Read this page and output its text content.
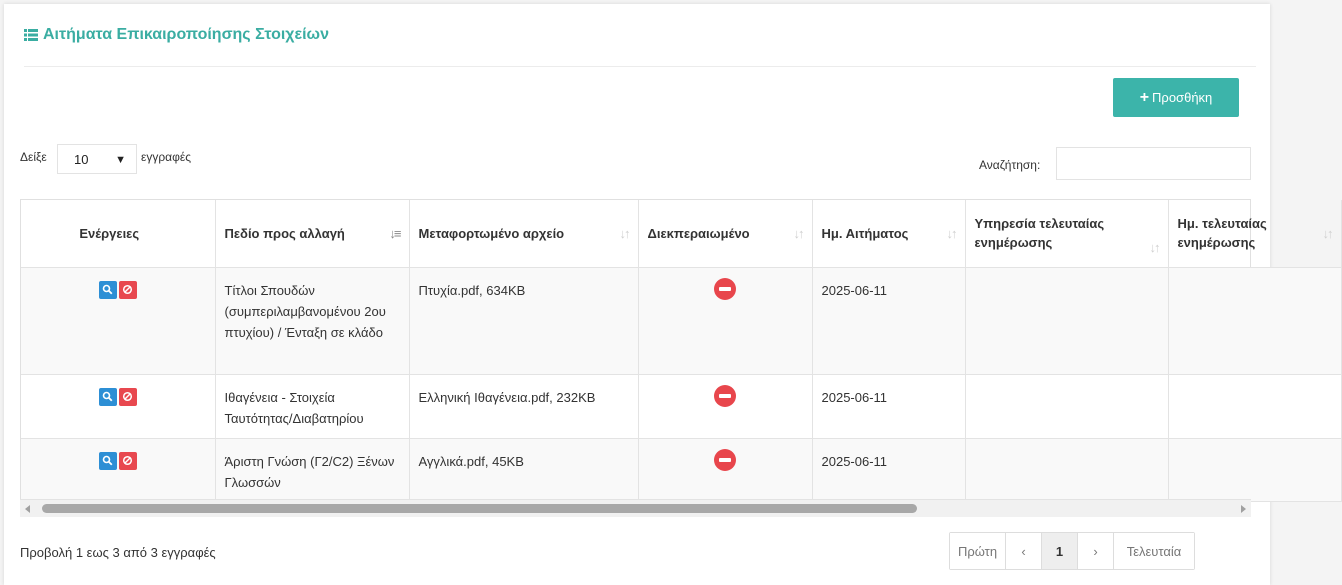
Αιτήματα Επικαιροποίησης Στοιχείων
+ Προσθήκη
Δείξε 10 ▼ εγγραφές
Αναζήτηση:
Ενέργειες	Πεδίο προς αλλαγή ↓≡	Μεταφορτωμένο αρχείο ↓↑	Διεκπεραιωμένο ↓↑	Ημ. Αιτήματος ↓↑	Υπηρεσία τελευταίας ενημέρωσης ↓↑	Ημ. τελευταίας ενημέρωσης
↓↑

	Τίτλοι Σπουδών (συμπεριλαμβανομένου 2ου πτυχίου) / Ένταξη σε κλάδο	Πτυχία.pdf, 634KB		2025-06-11		

	Ιθαγένεια - Στοιχεία Ταυτότητας/Διαβατηρίου	Ελληνική Ιθαγένεια.pdf, 232KB		2025-06-11		

	Άριστη Γνώση (Γ2/C2) Ξένων Γλωσσών	Αγγλικά.pdf, 45KB		2025-06-11		
Προβολή 1 εως 3 από 3 εγγραφές	Πρώτη	‹	1	›	Τελευταία
